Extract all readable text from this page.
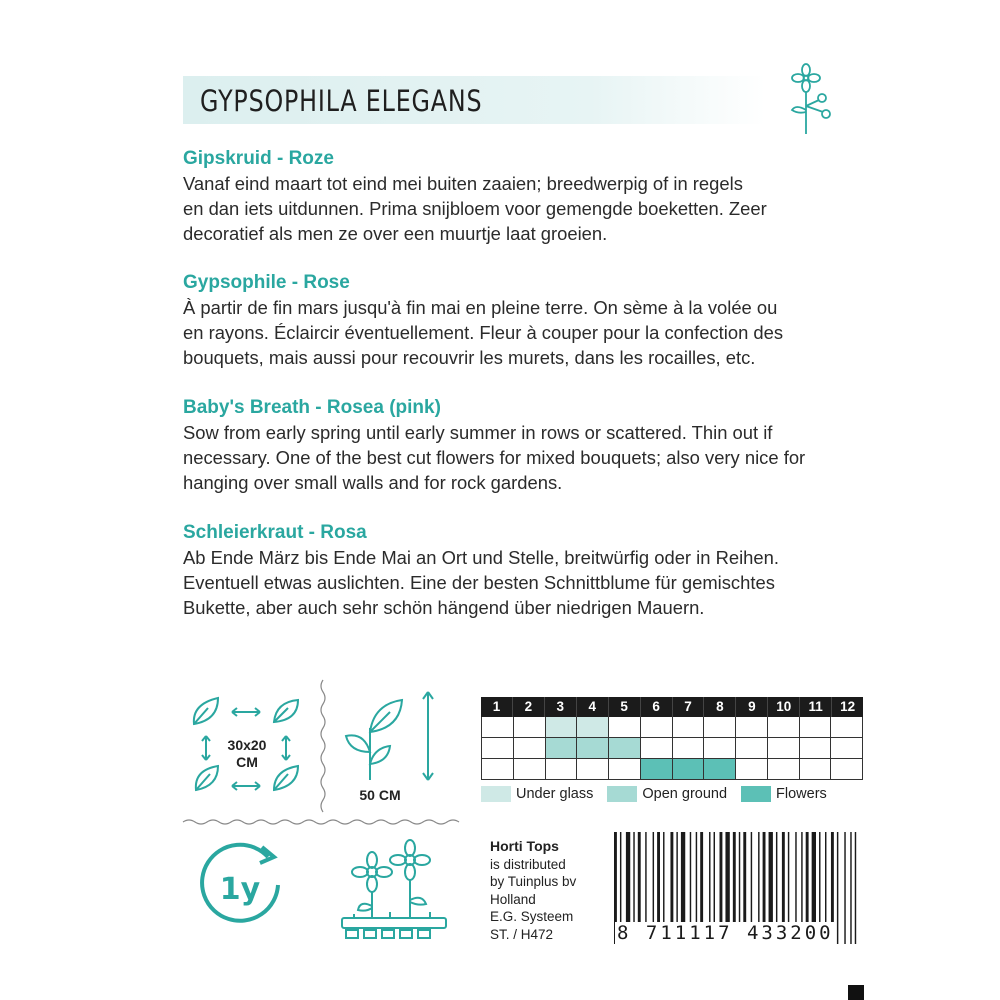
GYPSOPHILA ELEGANS
Gipskruid - Roze
Vanaf eind maart tot eind mei buiten zaaien; breedwerpig of in regels
en dan iets uitdunnen. Prima snijbloem voor gemengde boeketten. Zeer
decoratief als men ze over een muurtje laat groeien.
Gypsophile - Rose
À partir de fin mars jusqu'à fin mai en pleine terre. On sème à la volée ou
en rayons. Éclaircir éventuellement. Fleur à couper pour la confection des
bouquets, mais aussi pour recouvrir les murets, dans les rocailles, etc.
Baby's Breath - Rosea (pink)
Sow from early spring until early summer in rows or scattered. Thin out if
necessary. One of the best cut flowers for mixed bouquets; also very nice for
hanging over small walls and for rock gardens.
Schleierkraut - Rosa
Ab Ende März bis Ende Mai an Ort und Stelle, breitwürfig oder in Reihen.
Eventuell etwas auslichten. Eine der besten Schnittblume für gemischtes
Bukette, aber auch sehr schön hängend über niedrigen Mauern.
30x20
CM
50 CM
1y
1	2	3	4	5	6	7	8	9	10	11	12
Under glass	Open ground	Flowers
Horti Tops
is distributed
by Tuinplus bv
Holland
E.G. Systeem
ST. / H472	8 711117 433200
